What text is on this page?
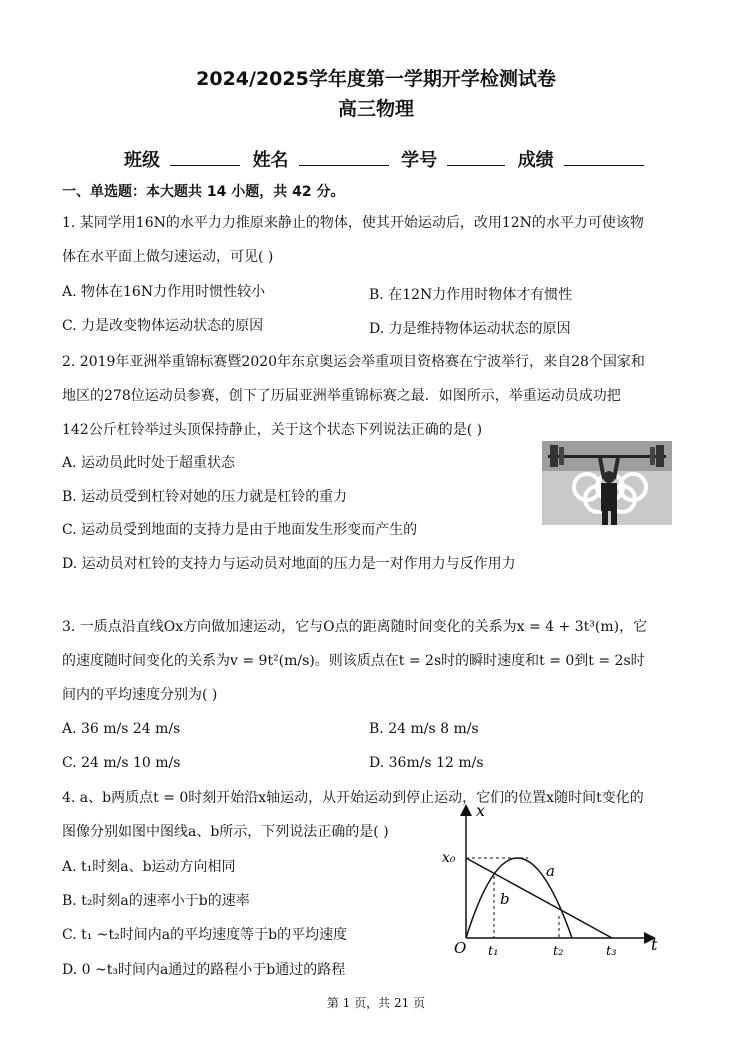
2024/2025学年度第一学期开学检测试卷
高三物理
班级	姓名	学号	成绩
一、单选题：本大题共 14 小题，共 42 分。
1. 某同学用16N的水平力力推原来静止的物体，使其开始运动后，改用12N的水平力可使该物
体在水平面上做匀速运动，可见( )
A. 物体在16N力作用时惯性较小	B. 在12N力作用时物体才有惯性
C. 力是改变物体运动状态的原因	D. 力是维持物体运动状态的原因
2. 2019年亚洲举重锦标赛暨2020年东京奥运会举重项目资格赛在宁波举行，来自28个国家和
地区的278位运动员参赛，创下了历届亚洲举重锦标赛之最．如图所示，举重运动员成功把
142公斤杠铃举过头顶保持静止，关于这个状态下列说法正确的是( )
A. 运动员此时处于超重状态
B. 运动员受到杠铃对她的压力就是杠铃的重力
C. 运动员受到地面的支持力是由于地面发生形变而产生的
D. 运动员对杠铃的支持力与运动员对地面的压力是一对作用力与反作用力
3. 一质点沿直线Ox方向做加速运动，它与O点的距离随时间变化的关系为x = 4 + 3t³(m)，它
的速度随时间变化的关系为v = 9t²(m/s)。则该质点在t = 2s时的瞬时速度和t = 0到t = 2s时
间内的平均速度分别为( )
A. 36 m/s 24 m/s	B. 24 m/s 8 m/s
C. 24 m/s 10 m/s	D. 36m/s 12 m/s
4. a、b两质点t = 0时刻开始沿x轴运动，从开始运动到停止运动，它们的位置x随时间t变化的
图像分别如图中图线a、b所示，下列说法正确的是( )
A. t₁时刻a、b运动方向相同
B. t₂时刻a的速率小于b的速率
C. t₁ ~t₂时间内a的平均速度等于b的平均速度
D. 0 ~t₃时间内a通过的路程小于b通过的路程
x
t
O
x₀
t₁	t₂	t₃
a
b
第 1 页，共 21 页
